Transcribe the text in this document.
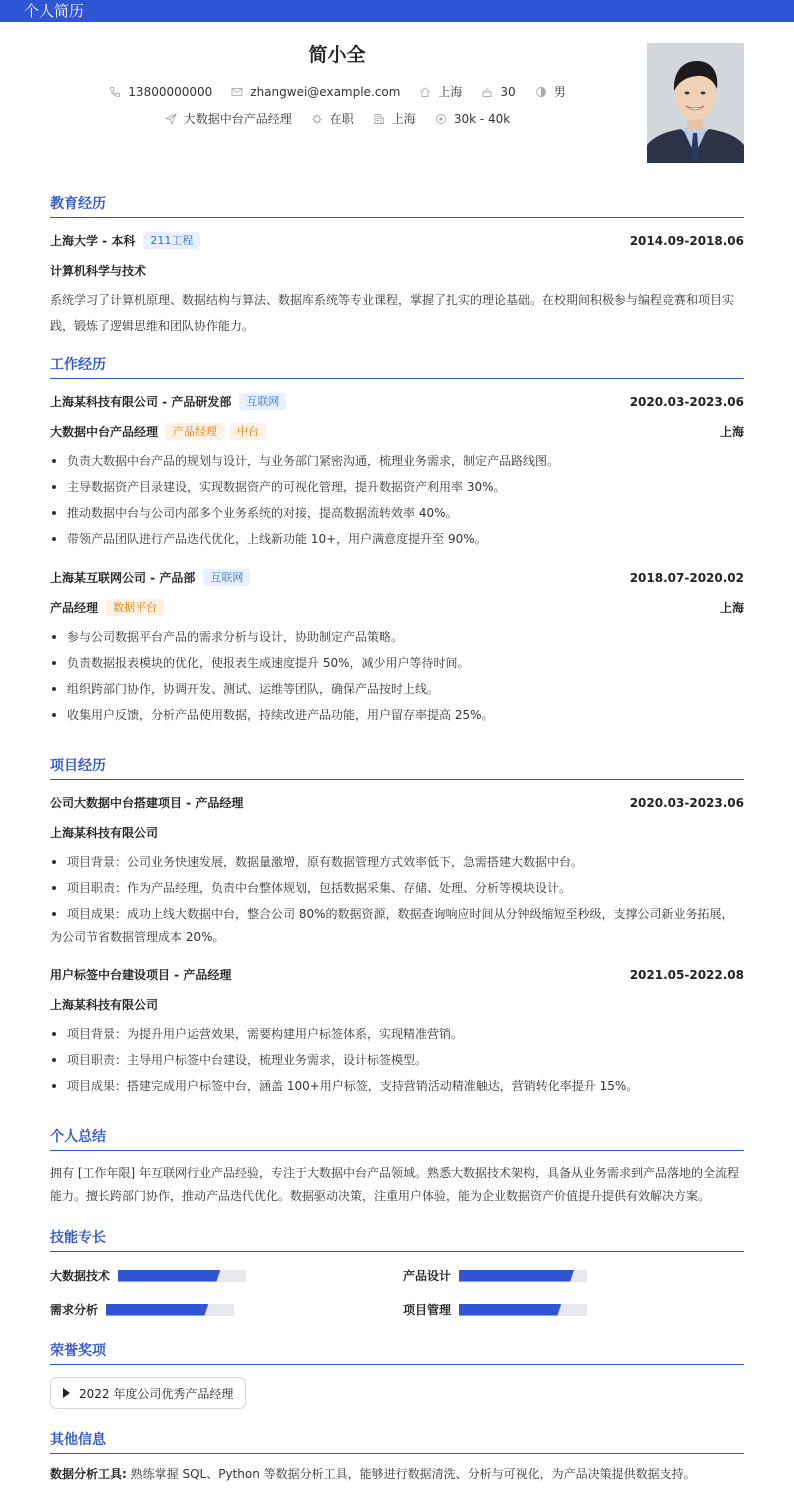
个人简历
简小全
13800000000	zhangwei@example.com	上海	30	男
大数据中台产品经理	在职	上海	30k - 40k
教育经历
上海大学 - 本科	211工程	2014.09-2018.06
计算机科学与技术
系统学习了计算机原理、数据结构与算法、数据库系统等专业课程，掌握了扎实的理论基础。在校期间积极参与编程竞赛和项目实践，锻炼了逻辑思维和团队协作能力。
工作经历
上海某科技有限公司 - 产品研发部	互联网	2020.03-2023.06
大数据中台产品经理	产品经理	中台	上海
负责大数据中台产品的规划与设计，与业务部门紧密沟通，梳理业务需求，制定产品路线图。
主导数据资产目录建设，实现数据资产的可视化管理，提升数据资产利用率 30%。
推动数据中台与公司内部多个业务系统的对接，提高数据流转效率 40%。
带领产品团队进行产品迭代优化，上线新功能 10+，用户满意度提升至 90%。
上海某互联网公司 - 产品部	互联网	2018.07-2020.02
产品经理	数据平台	上海
参与公司数据平台产品的需求分析与设计，协助制定产品策略。
负责数据报表模块的优化，使报表生成速度提升 50%，减少用户等待时间。
组织跨部门协作，协调开发、测试、运维等团队，确保产品按时上线。
收集用户反馈，分析产品使用数据，持续改进产品功能，用户留存率提高 25%。
项目经历
公司大数据中台搭建项目 - 产品经理	2020.03-2023.06
上海某科技有限公司
项目背景：公司业务快速发展，数据量激增，原有数据管理方式效率低下，急需搭建大数据中台。
项目职责：作为产品经理，负责中台整体规划，包括数据采集、存储、处理、分析等模块设计。
项目成果：成功上线大数据中台，整合公司 80%的数据资源，数据查询响应时间从分钟级缩短至秒级，支撑公司新业务拓展，
为公司节省数据管理成本 20%。
用户标签中台建设项目 - 产品经理	2021.05-2022.08
上海某科技有限公司
项目背景：为提升用户运营效果，需要构建用户标签体系，实现精准营销。
项目职责：主导用户标签中台建设，梳理业务需求，设计标签模型。
项目成果：搭建完成用户标签中台，涵盖 100+用户标签，支持营销活动精准触达，营销转化率提升 15%。
个人总结
拥有 [工作年限] 年互联网行业产品经验，专注于大数据中台产品领域。熟悉大数据技术架构，具备从业务需求到产品落地的全流程
能力。擅长跨部门协作，推动产品迭代优化。数据驱动决策，注重用户体验，能为企业数据资产价值提升提供有效解决方案。
技能专长
大数据技术	产品设计
需求分析	项目管理
荣誉奖项
2022 年度公司优秀产品经理
其他信息
数据分析工具: 熟练掌握 SQL、Python 等数据分析工具，能够进行数据清洗、分析与可视化，为产品决策提供数据支持。
